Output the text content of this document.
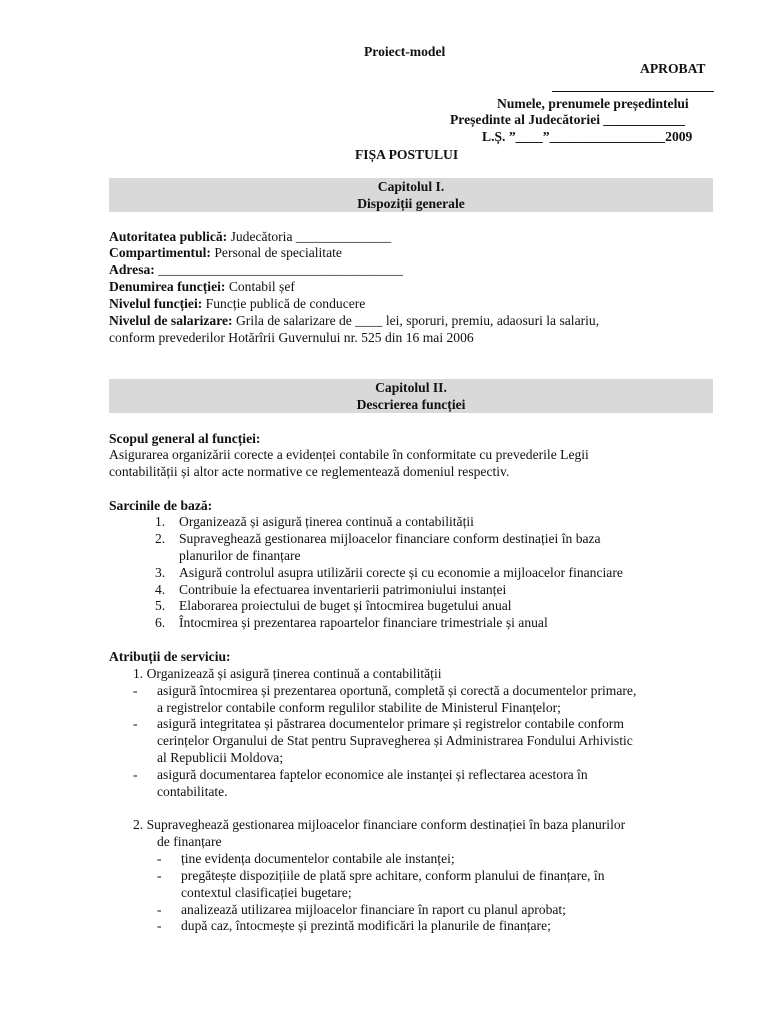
Proiect-model
APROBAT
Numele, prenumele președintelui
Președinte al Judecătoriei ____________
L.Ș. ”____”_________________2009
FIȘA POSTULUI
Capitolul I.
Dispoziții generale
Autoritatea publică: Judecătoria ______________
Compartimentul: Personal de specialitate
Adresa: ____________________________________
Denumirea funcției: Contabil șef
Nivelul funcției: Funcție publică de conducere
Nivelul de salarizare: Grila de salarizare de ____ lei, sporuri, premiu, adaosuri la salariu,
conform prevederilor Hotărîrii Guvernului nr. 525 din 16 mai 2006
Capitolul II.
Descrierea funcției
Scopul general al funcției:
Asigurarea organizării corecte a evidenței contabile în conformitate cu prevederile Legii
contabilității și altor acte normative ce reglementează domeniul respectiv.
Sarcinile de bază:
1. Organizează și asigură ținerea continuă a contabilității
2. Supraveghează gestionarea mijloacelor financiare conform destinației în baza
planurilor de finanțare
3. Asigură controlul asupra utilizării corecte și cu economie a mijloacelor financiare
4. Contribuie la efectuarea inventarierii patrimoniului instanței
5. Elaborarea proiectului de buget și întocmirea bugetului anual
6. Întocmirea și prezentarea rapoartelor financiare trimestriale și anual
Atribuții de serviciu:
1. Organizează și asigură ținerea continuă a contabilității
- asigură întocmirea și prezentarea oportună, completă și corectă a documentelor primare,
a registrelor contabile conform regulilor stabilite de Ministerul Finanțelor;
- asigură integritatea și păstrarea documentelor primare și registrelor contabile conform
cerințelor Organului de Stat pentru Supravegherea și Administrarea Fondului Arhivistic
al Republicii Moldova;
- asigură documentarea faptelor economice ale instanței și reflectarea acestora în
contabilitate.
2. Supraveghează gestionarea mijloacelor financiare conform destinației în baza planurilor
de finanțare
- ține evidența documentelor contabile ale instanței;
- pregătește dispozițiile de plată spre achitare, conform planului de finanțare, în
contextul clasificației bugetare;
- analizează utilizarea mijloacelor financiare în raport cu planul aprobat;
- după caz, întocmește și prezintă modificări la planurile de finanțare;
